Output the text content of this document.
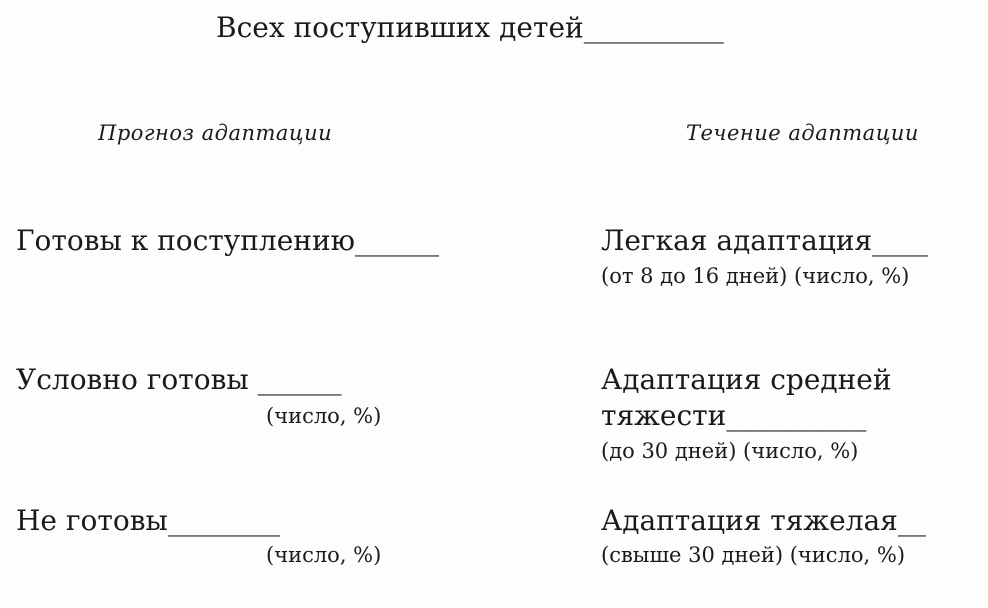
Всех поступивших детей__________
Прогноз адаптации	Течение адаптации
Готовы к поступлению______	Легкая адаптация____
(от 8 до 16 дней) (число, %)
Условно готовы ______
(число, %)
Адаптация средней
тяжести__________
(до 30 дней) (число, %)
Не готовы________
(число, %)
Адаптация тяжелая__
(свыше 30 дней) (число, %)
